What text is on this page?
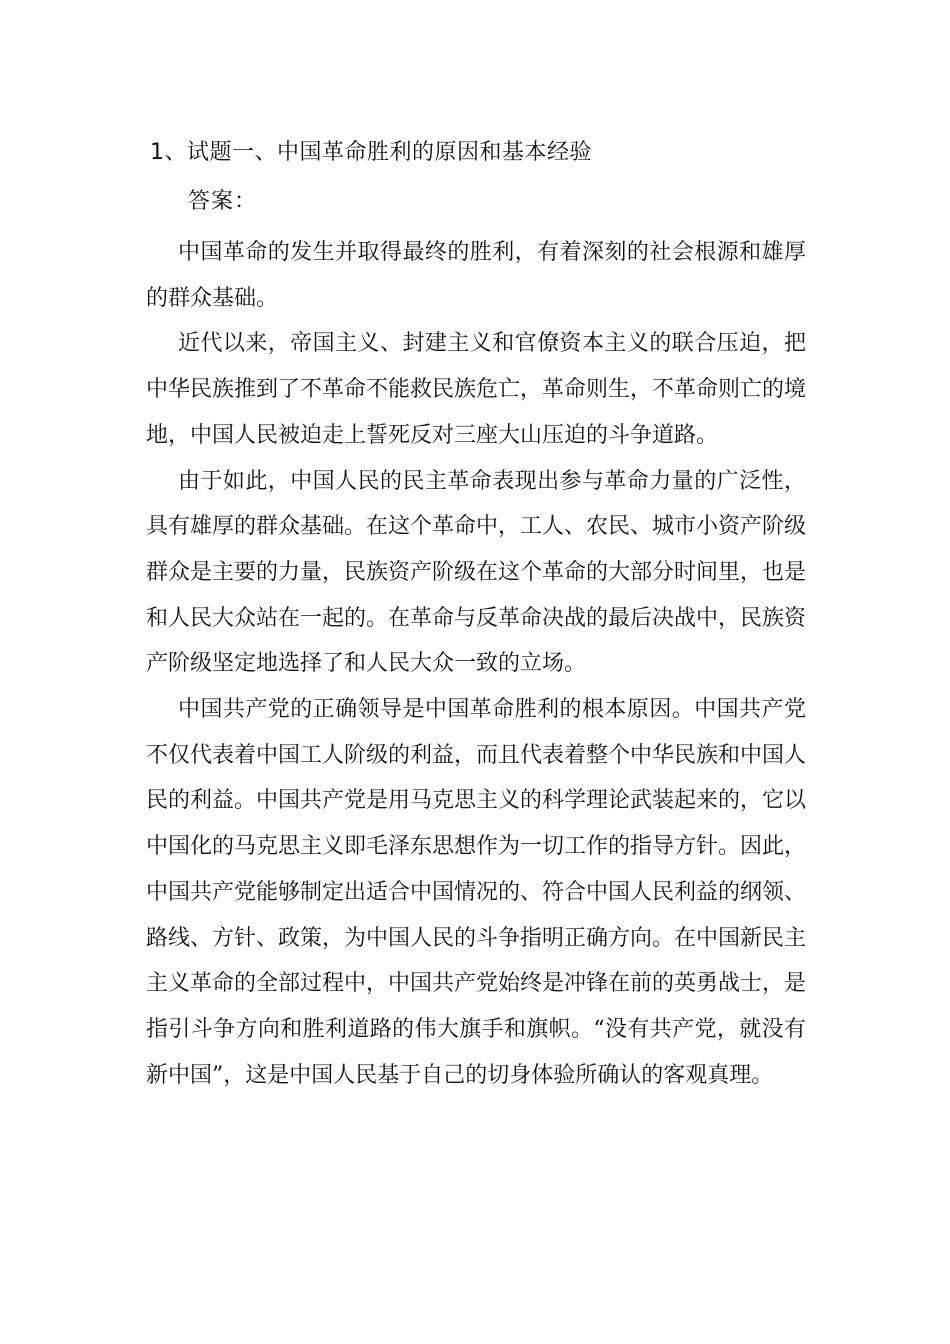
1、试题一、中国革命胜利的原因和基本经验
答案：

中国革命的发生并取得最终的胜利，有着深刻的社会根源和雄厚的群众基础。

近代以来，帝国主义、封建主义和官僚资本主义的联合压迫，把中华民族推到了不革命不能救民族危亡，革命则生，不革命则亡的境地，中国人民被迫走上誓死反对三座大山压迫的斗争道路。

由于如此，中国人民的民主革命表现出参与革命力量的广泛性，具有雄厚的群众基础。在这个革命中，工人、农民、城市小资产阶级群众是主要的力量，民族资产阶级在这个革命的大部分时间里，也是和人民大众站在一起的。在革命与反革命决战的最后决战中，民族资产阶级坚定地选择了和人民大众一致的立场。

中国共产党的正确领导是中国革命胜利的根本原因。中国共产党不仅代表着中国工人阶级的利益，而且代表着整个中华民族和中国人民的利益。中国共产党是用马克思主义的科学理论武装起来的，它以中国化的马克思主义即毛泽东思想作为一切工作的指导方针。因此，中国共产党能够制定出适合中国情况的、符合中国人民利益的纲领、路线、方针、政策，为中国人民的斗争指明正确方向。在中国新民主主义革命的全部过程中，中国共产党始终是冲锋在前的英勇战士，是指引斗争方向和胜利道路的伟大旗手和旗帜。“没有共产党，就没有新中国”，这是中国人民基于自己的切身体验所确认的客观真理。
